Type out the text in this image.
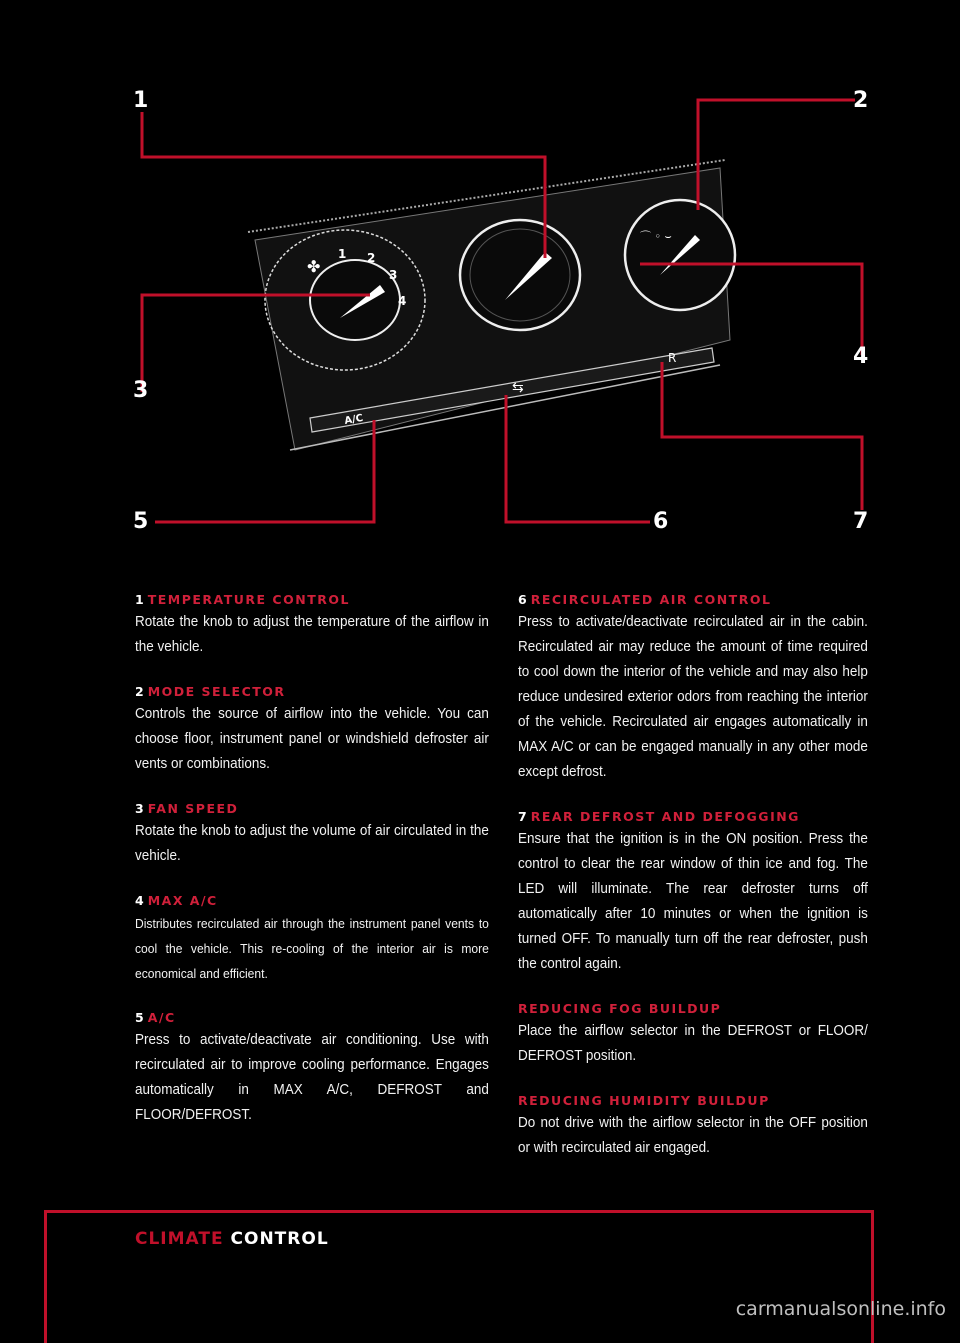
1 2
3
4
✤
⌒ ◦ ⌣
A/C
⇆
R
1	2
3
4
5	6	7
1 TEMPERATURE CONTROL
Rotate the knob to adjust the temperature of the airflow in the vehicle.
2 MODE SELECTOR
Controls the source of airflow into the vehicle. You can choose floor, instrument panel or windshield defroster air vents or combinations.
3 FAN SPEED
Rotate the knob to adjust the volume of air circulated in the vehicle.
4 MAX A/C
Distributes recirculated air through the instrument panel vents to cool the vehicle. This re-cooling of the interior air is more economical and efficient.
5 A/C
Press to activate/deactivate air conditioning. Use with recirculated air to improve cooling performance. Engages automatically in MAX A/C, DEFROST and FLOOR/DEFROST.
6 RECIRCULATED AIR CONTROL
Press to activate/deactivate recirculated air in the cabin. Recirculated air may reduce the amount of time required to cool down the interior of the vehicle and may also help reduce undesired exterior odors from reaching the interior of the vehicle. Recirculated air engages automatically in MAX A/C or can be engaged manually in any other mode except defrost.
7 REAR DEFROST AND DEFOGGING
Ensure that the ignition is in the ON position. Press the control to clear the rear window of thin ice and fog. The LED will illuminate. The rear defroster turns off automatically after 10 minutes or when the ignition is turned OFF. To manually turn off the rear defroster, push the control again.
REDUCING FOG BUILDUP
Place the airflow selector in the DEFROST or FLOOR/ DEFROST position.
REDUCING HUMIDITY BUILDUP
Do not drive with the airflow selector in the OFF position or with recirculated air engaged.
CLIMATE CONTROL
carmanualsonline.info
